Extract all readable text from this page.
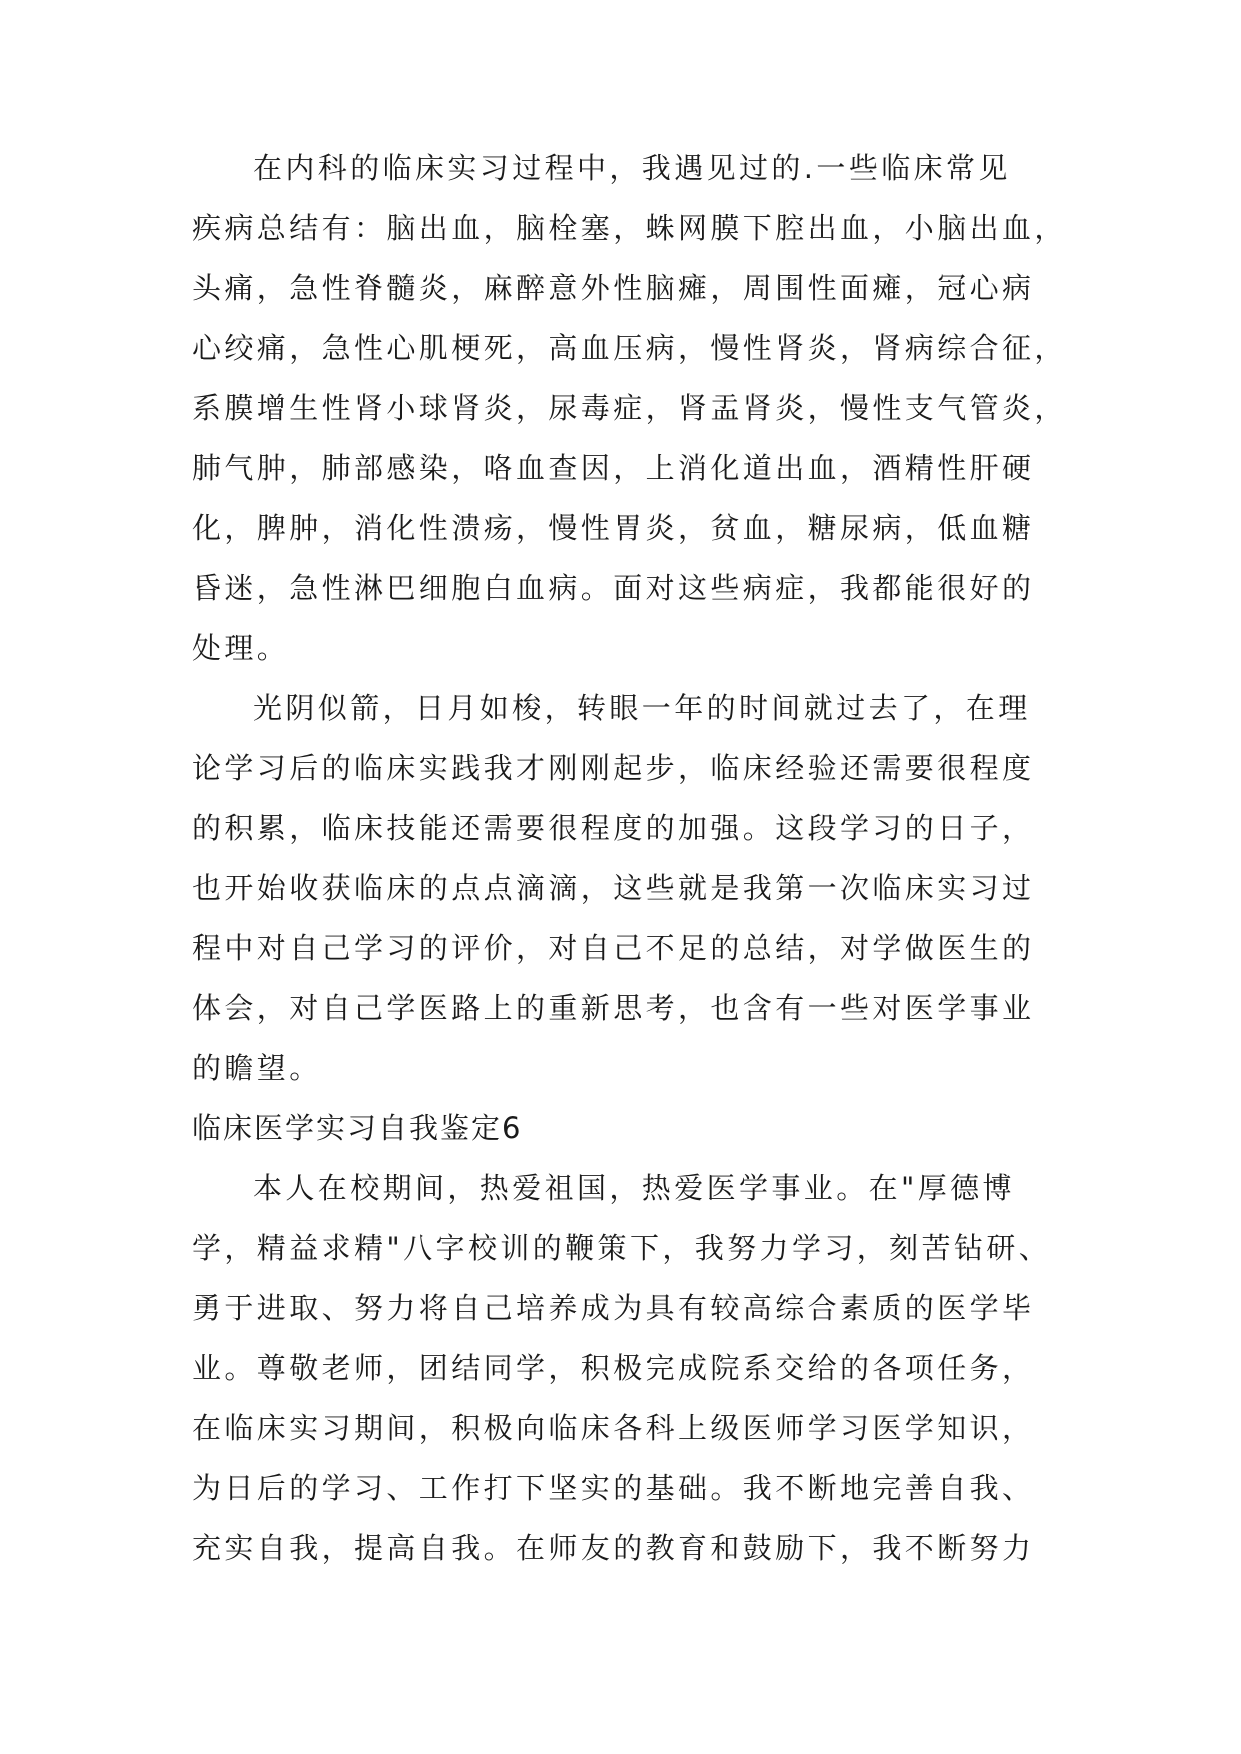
在内科的临床实习过程中，我遇见过的.一些临床常见
疾病总结有：脑出血，脑栓塞，蛛网膜下腔出血，小脑出血，
头痛，急性脊髓炎，麻醉意外性脑瘫，周围性面瘫，冠心病
心绞痛，急性心肌梗死，高血压病，慢性肾炎，肾病综合征，
系膜增生性肾小球肾炎，尿毒症，肾盂肾炎，慢性支气管炎，
肺气肿，肺部感染，咯血查因，上消化道出血，酒精性肝硬
化，脾肿，消化性溃疡，慢性胃炎，贫血，糖尿病，低血糖
昏迷，急性淋巴细胞白血病。面对这些病症，我都能很好的
处理。
光阴似箭，日月如梭，转眼一年的时间就过去了，在理
论学习后的临床实践我才刚刚起步，临床经验还需要很程度
的积累，临床技能还需要很程度的加强。这段学习的日子，
也开始收获临床的点点滴滴，这些就是我第一次临床实习过
程中对自己学习的评价，对自己不足的总结，对学做医生的
体会，对自己学医路上的重新思考，也含有一些对医学事业
的瞻望。
临床医学实习自我鉴定6
本人在校期间，热爱祖国，热爱医学事业。在"厚德博
学，精益求精"八字校训的鞭策下，我努力学习，刻苦钻研、
勇于进取、努力将自己培养成为具有较高综合素质的医学毕
业。尊敬老师，团结同学，积极完成院系交给的各项任务，
在临床实习期间，积极向临床各科上级医师学习医学知识，
为日后的学习、工作打下坚实的基础。我不断地完善自我、
充实自我，提高自我。在师友的教育和鼓励下，我不断努力
